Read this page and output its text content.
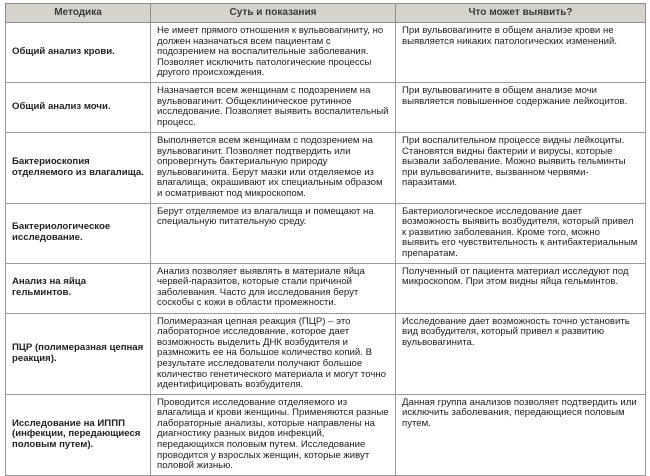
Методика	Суть и показания	Что может выявить?
Общий анализ крови.	Не имеет прямого отношения к вульвовагиниту, но должен назначаться всем пациентам с подозрением на воспалительные заболевания. Позволяет исключить патологические процессы другого происхождения.	При вульвовагините в общем анализе крови не выявляется никаких патологических изменений.
Общий анализ мочи.	Назначается всем женщинам с подозрением на вульвовагинит. Общеклиническое рутинное исследование. Позволяет выявить воспалительный процесс.	При вульвовагините в общем анализе мочи выявляется повышенное содержание лейкоцитов.
Бактериоскопия отделяемого из влагалища.	Выполняется всем женщинам с подозрением на вульвовагинит. Позволяет подтвердить или опровергнуть бактериальную природу вульвовагинита. Берут мазки или отделяемое из влагалища, окрашивают их специальным образом и осматривают под микроскопом.	При воспалительном процессе видны лейкоциты. Становятся видны бактерии и вирусы, которые вызвали заболевание. Можно выявить гельминты при вульвовагините, вызванном червями-паразитами.
Бактериологическое исследование.	Берут отделяемое из влагалища и помещают на специальную питательную среду.	Бактериологическое исследование дает возможность выявить возбудителя, который привел к развитию заболевания. Кроме того, можно выявить его чувствительность к антибактериальным препаратам.
Анализ на яйца гельминтов.	Анализ позволяет выявлять в материале яйца червей-паразитов, которые стали причиной заболевания. Часто для исследования берут соскобы с кожи в области промежности.	Полученный от пациента материал исследуют под микроскопом. При этом видны яйца гельминтов.
ПЦР (полимеразная цепная реакция).	Полимеразная цепная реакция (ПЦР) – это лабораторное исследование, которое дает возможность выделить ДНК возбудителя и размножить ее на большое количество копий. В результате исследователи получают большое количество генетического материала и могут точно идентифицировать возбудителя.	Исследование дает возможность точно установить вид возбудителя, который привел к развитию вульвовагинита.
Исследование на ИППП (инфекции, передающиеся половым путем).	Проводится исследование отделяемого из влагалища и крови женщины. Применяются разные лабораторные анализы, которые направлены на диагностику разных видов инфекций, передающихся половым путем. Исследование проводится у взрослых женщин, которые живут половой жизнью.	Данная группа анализов позволяет подтвердить или исключить заболевания, передающиеся половым путем.
